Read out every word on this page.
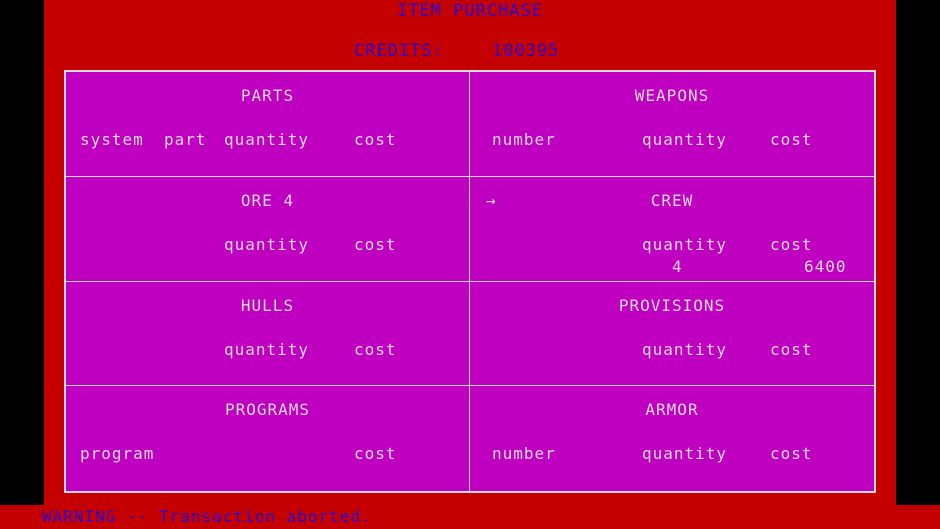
ITEM PURCHASE
CREDITS:	100395
PARTS
system part quantity	cost
WEAPONS
number	quantity	cost
ORE 4
quantity	cost
→	CREW
quantity	cost
4	6400
HULLS
quantity	cost
PROVISIONS
quantity	cost
PROGRAMS
program	cost
ARMOR
number	quantity	cost

WARNING -- Transaction aborted.
